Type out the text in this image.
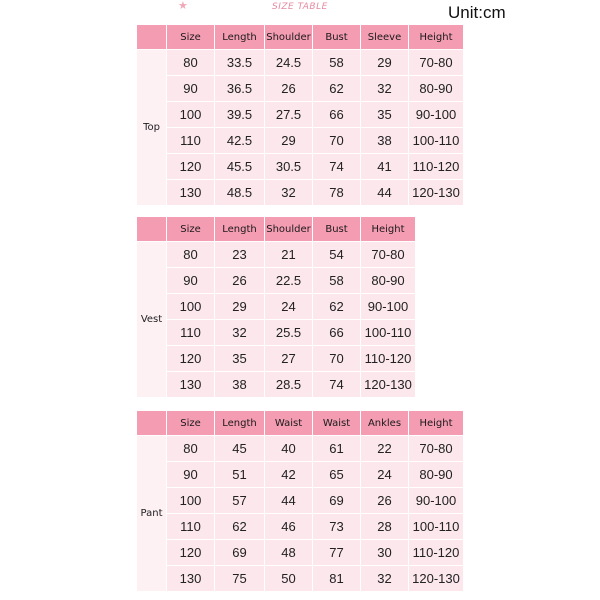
★	SIZE TABLE	Unit:cm
	Size	Length	Shoulder	Bust	Sleeve	Height
Top	80	33.5	24.5	58	29	70-80
	90	36.5	26	62	32	80-90
	100	39.5	27.5	66	35	90-100
	110	42.5	29	70	38	100-110
	120	45.5	30.5	74	41	110-120
	130	48.5	32	78	44	120-130
	Size	Length	Shoulder	Bust	Height
Vest	80	23	21	54	70-80
	90	26	22.5	58	80-90
	100	29	24	62	90-100
	110	32	25.5	66	100-110
	120	35	27	70	110-120
	130	38	28.5	74	120-130
	Size	Length	Waist	Waist	Ankles	Height
Pant	80	45	40	61	22	70-80
	90	51	42	65	24	80-90
	100	57	44	69	26	90-100
	110	62	46	73	28	100-110
	120	69	48	77	30	110-120
	130	75	50	81	32	120-130
